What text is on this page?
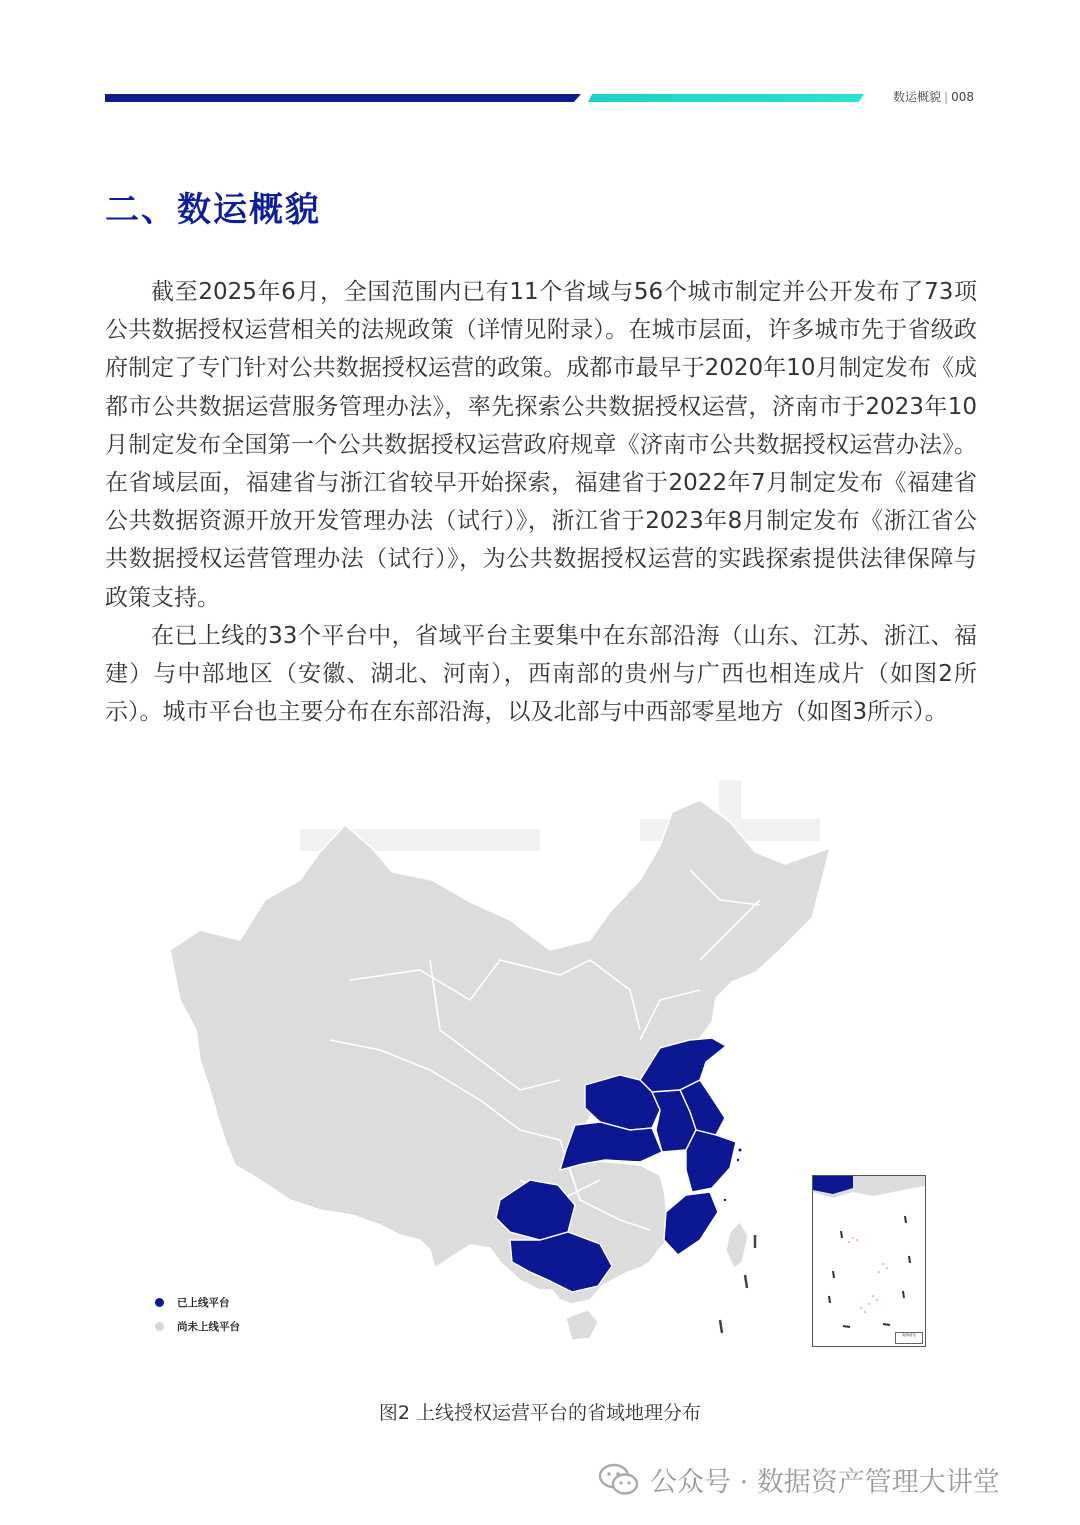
数运概貌 | 008
二、数运概貌

截至2025年6月，全国范围内已有11个省域与56个城市制定并公开发布了73项公共数据授权运营相关的法规政策（详情见附录）。在城市层面，许多城市先于省级政府制定了专门针对公共数据授权运营的政策。成都市最早于2020年10月制定发布《成都市公共数据运营服务管理办法》，率先探索公共数据授权运营，济南市于2023年10月制定发布全国第一个公共数据授权运营政府规章《济南市公共数据授权运营办法》。在省域层面，福建省与浙江省较早开始探索，福建省于2022年7月制定发布《福建省公共数据资源开放开发管理办法（试行）》，浙江省于2023年8月制定发布《浙江省公共数据授权运营管理办法（试行）》，为公共数据授权运营的实践探索提供法律保障与政策支持。

在已上线的33个平台中，省域平台主要集中在东部沿海（山东、江苏、浙江、福建）与中部地区（安徽、湖北、河南），西南部的贵州与广西也相连成片（如图2所示）。城市平台也主要分布在东部沿海，以及北部与中西部零星地方（如图3所示）。

已上线平台
尚未上线平台
南海诸岛
图2 上线授权运营平台的省域地理分布
公众号 · 数据资产管理大讲堂
